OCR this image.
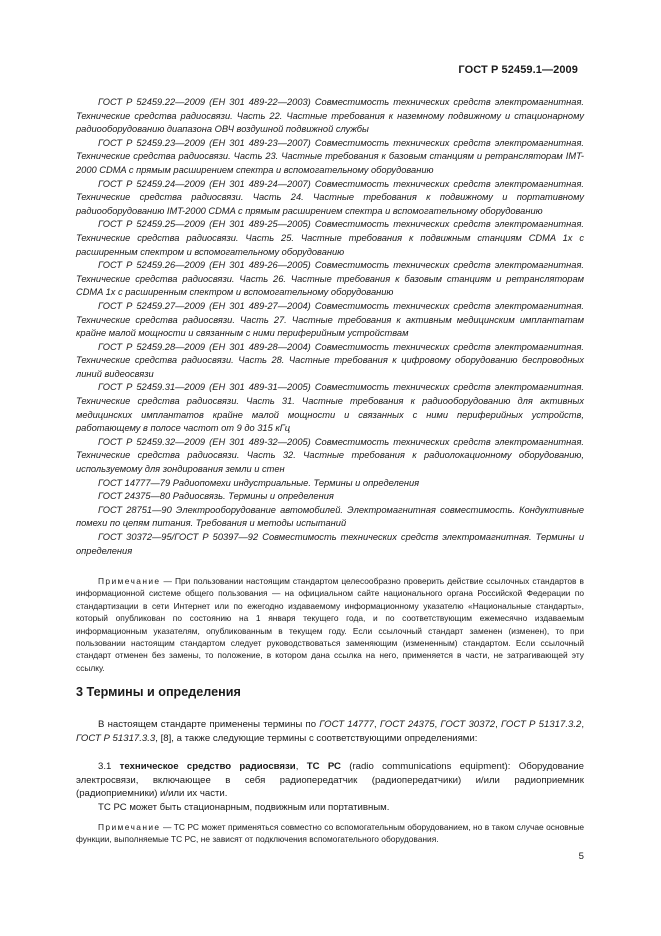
ГОСТ Р 52459.1—2009

ГОСТ Р 52459.22—2009 (ЕН 301 489-22—2003) Совместимость технических средств электромагнитная. Технические средства радиосвязи. Часть 22. Частные требования к наземному подвижному и стационарному радиооборудованию диапазона ОВЧ воздушной подвижной службы

ГОСТ Р 52459.23—2009 (ЕН 301 489-23—2007) Совместимость технических средств электромагнитная. Технические средства радиосвязи. Часть 23. Частные требования к базовым станциям и ретрансляторам IMT-2000 CDMA с прямым расширением спектра и вспомогательному оборудованию

ГОСТ Р 52459.24—2009 (ЕН 301 489-24—2007) Совместимость технических средств электромагнитная. Технические средства радиосвязи. Часть 24. Частные требования к подвижному и портативному радиооборудованию IMT-2000 CDMA с прямым расширением спектра и вспомогательному оборудованию

ГОСТ Р 52459.25—2009 (ЕН 301 489-25—2005) Совместимость технических средств электромагнитная. Технические средства радиосвязи. Часть 25. Частные требования к подвижным станциям CDMA 1x с расширенным спектром и вспомогательному оборудованию

ГОСТ Р 52459.26—2009 (ЕН 301 489-26—2005) Совместимость технических средств электромагнитная. Технические средства радиосвязи. Часть 26. Частные требования к базовым станциям и ретрансляторам CDMA 1x с расширенным спектром и вспомогательному оборудованию

ГОСТ Р 52459.27—2009 (ЕН 301 489-27—2004) Совместимость технических средств электромагнитная. Технические средства радиосвязи. Часть 27. Частные требования к активным медицинским имплантатам крайне малой мощности и связанным с ними периферийным устройствам

ГОСТ Р 52459.28—2009 (ЕН 301 489-28—2004) Совместимость технических средств электромагнитная. Технические средства радиосвязи. Часть 28. Частные требования к цифровому оборудованию беспроводных линий видеосвязи

ГОСТ Р 52459.31—2009 (ЕН 301 489-31—2005) Совместимость технических средств электромагнитная. Технические средства радиосвязи. Часть 31. Частные требования к радиооборудованию для активных медицинских имплантатов крайне малой мощности и связанных с ними периферийных устройств, работающему в полосе частот от 9 до 315 кГц

ГОСТ Р 52459.32—2009 (ЕН 301 489-32—2005) Совместимость технических средств электромагнитная. Технические средства радиосвязи. Часть 32. Частные требования к радиолокационному оборудованию, используемому для зондирования земли и стен

ГОСТ 14777—79 Радиопомехи индустриальные. Термины и определения

ГОСТ 24375—80 Радиосвязь. Термины и определения

ГОСТ 28751—90 Электрооборудование автомобилей. Электромагнитная совместимость. Кондуктивные помехи по цепям питания. Требования и методы испытаний

ГОСТ 30372—95/ГОСТ Р 50397—92 Совместимость технических средств электромагнитная. Термины и определения

Примечание — При пользовании настоящим стандартом целесообразно проверить действие ссылочных стандартов в информационной системе общего пользования — на официальном сайте национального органа Российской Федерации по стандартизации в сети Интернет или по ежегодно издаваемому информационному указателю «Национальные стандарты», который опубликован по состоянию на 1 января текущего года, и по соответствующим ежемесячно издаваемым информационным указателям, опубликованным в текущем году. Если ссылочный стандарт заменен (изменен), то при пользовании настоящим стандартом следует руководствоваться заменяющим (измененным) стандартом. Если ссылочный стандарт отменен без замены, то положение, в котором дана ссылка на него, применяется в части, не затрагивающей эту ссылку.

3 Термины и определения

В настоящем стандарте применены термины по ГОСТ 14777, ГОСТ 24375, ГОСТ 30372, ГОСТ Р 51317.3.2, ГОСТ Р 51317.3.3, [8], а также следующие термины с соответствующими определениями:

3.1 техническое средство радиосвязи, ТС РС (radio communications equipment): Оборудование электросвязи, включающее в себя радиопередатчик (радиопередатчики) и/или радиоприемник (радиоприемники) и/или их части.

ТС РС может быть стационарным, подвижным или портативным.

Примечание — ТС РС может применяться совместно со вспомогательным оборудованием, но в таком случае основные функции, выполняемые ТС РС, не зависят от подключения вспомогательного оборудования.

5
